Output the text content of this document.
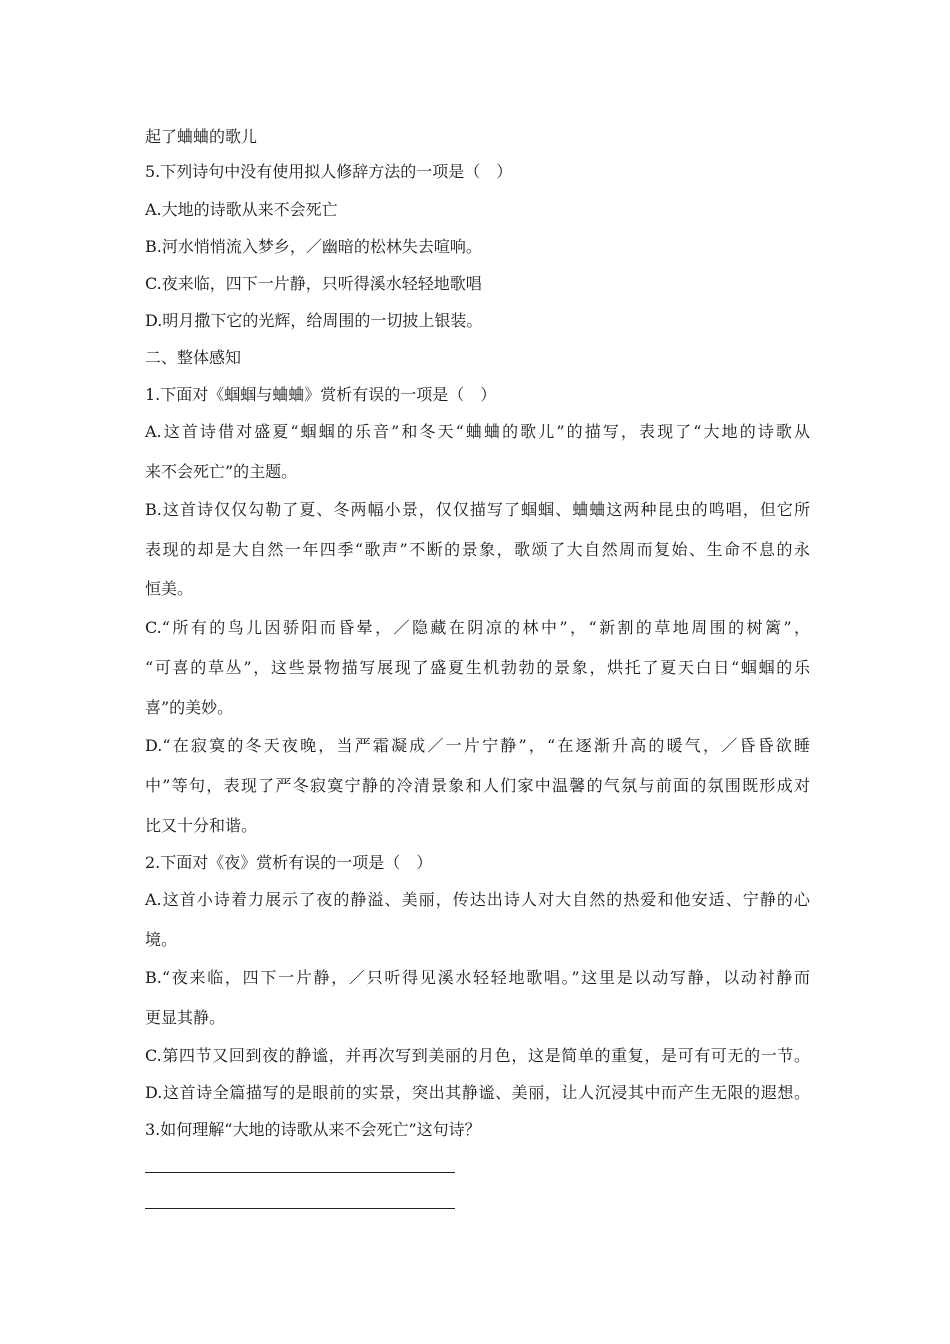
起了蛐蛐的歌儿

5.下列诗句中没有使用拟人修辞方法的一项是（　）

A.大地的诗歌从来不会死亡

B.河水悄悄流入梦乡，／幽暗的松林失去喧响。

C.夜来临，四下一片静，只听得溪水轻轻地歌唱

D.明月撒下它的光辉，给周围的一切披上银装。

二、整体感知

1.下面对《蝈蝈与蛐蛐》赏析有误的一项是（　）

A.这首诗借对盛夏“蝈蝈的乐音”和冬天“蛐蛐的歌儿”的描写，表现了“大地的诗歌从

来不会死亡”的主题。

B.这首诗仅仅勾勒了夏、冬两幅小景，仅仅描写了蝈蝈、蛐蛐这两种昆虫的鸣唱，但它所

表现的却是大自然一年四季“歌声”不断的景象，歌颂了大自然周而复始、生命不息的永

恒美。

C.“所有的鸟儿因骄阳而昏晕，／隐藏在阴凉的林中”，“新割的草地周围的树篱”，

“可喜的草丛”，这些景物描写展现了盛夏生机勃勃的景象，烘托了夏天白日“蝈蝈的乐

喜”的美妙。

D.“在寂寞的冬天夜晚，当严霜凝成／一片宁静”，“在逐渐升高的暖气，／昏昏欲睡

中”等句，表现了严冬寂寞宁静的冷清景象和人们家中温馨的气氛与前面的氛围既形成对

比又十分和谐。

2.下面对《夜》赏析有误的一项是（　）

A.这首小诗着力展示了夜的静溢、美丽，传达出诗人对大自然的热爱和他安适、宁静的心

境。

B.“夜来临，四下一片静，／只听得见溪水轻轻地歌唱。”这里是以动写静，以动衬静而

更显其静。

C.第四节又回到夜的静谧，并再次写到美丽的月色，这是简单的重复，是可有可无的一节。

D.这首诗全篇描写的是眼前的实景，突出其静谧、美丽，让人沉浸其中而产生无限的遐想。

3.如何理解“大地的诗歌从来不会死亡”这句诗？
